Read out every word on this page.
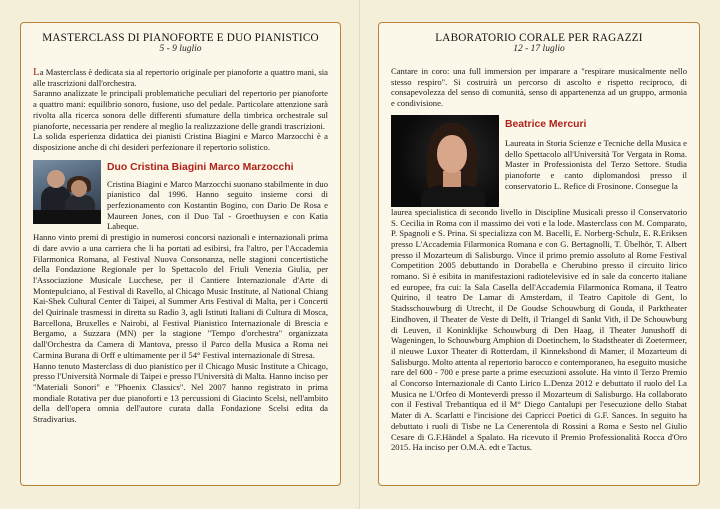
MASTERCLASS DI PIANOFORTE E DUO PIANISTICO
5 - 9 luglio

La Masterclass è dedicata sia al repertorio originale per pianoforte a quattro mani, sia alle trascrizioni dall'orchestra.

Saranno analizzate le principali problematiche peculiari del repertorio per pianoforte a quattro mani: equilibrio sonoro, fusione, uso del pedale. Particolare attenzione sarà rivolta alla ricerca sonora delle differenti sfumature della timbrica orchestrale sul pianoforte, necessaria per rendere al meglio la realizzazione delle grandi trascrizioni.

La solida esperienza didattica dei pianisti Cristina Biagini e Marco Marzocchi è a disposizione anche di chi desideri perfezionare il repertorio solistico.

Duo Cristina Biagini Marco Marzocchi
Cristina Biagini e Marco Marzocchi suonano stabilmente in duo pianistico dal 1996. Hanno seguito insieme corsi di perfezionamento con Kostantin Bogino, con Dario De Rosa e Maureen Jones, con il Duo Tal - Groethuysen e con Katia Labeque.

Hanno vinto premi di prestigio in numerosi concorsi nazionali e internazionali prima di dare avvio a una carriera che li ha portati ad esibirsi, fra l'altro, per l'Accademia Filarmonica Romana, al Festival Nuova Consonanza, nelle stagioni concertistiche della Fondazione Regionale per lo Spettacolo del Friuli Venezia Giulia, per l'Associazione Musicale Lucchese, per il Cantiere Internazionale d'Arte di Montepulciano, al Festival di Ravello, al Chicago Music Institute, al National Chiang Kai-Shek Cultural Center di Taipei, al Summer Arts Festival di Malta, per i Concerti del Quirinale trasmessi in diretta su Radio 3, agli Istituti Italiani di Cultura di Mosca, Barcellona, Bruxelles e Nairobi, al Festival Pianistico Internazionale di Brescia e Bergamo, a Suzzara (MN) per la stagione "Tempo d'orchestra" organizzata dall'Orchestra da Camera di Mantova, presso il Parco della Musica a Roma nei Carmina Burana di Orff e ultimamente per il 54° Festival internazionale di Stresa.

Hanno tenuto Masterclass di duo pianistico per il Chicago Music Institute a Chicago, presso l'Università Normale di Taipei e presso l'Università di Malta. Hanno inciso per "Materiali Sonori" e "Phoenix Classics". Nel 2007 hanno registrato in prima mondiale Rotativa per due pianoforti e 13 percussioni di Giacinto Scelsi, nell'ambito della dell'opera omnia dell'autore curata dalla Fondazione Scelsi edita da Stradivarius.

LABORATORIO CORALE PER RAGAZZI
12 - 17 luglio
Cantare in coro: una full immersion per imparare a "respirare musicalmente nello stesso respiro". Si costruirà un percorso di ascolto e rispetto reciproco, di consapevolezza del senso di comunità, senso di appartenenza ad un gruppo, armonia e condivisione.
Beatrice Mercuri
Laureata in Storia Scienze e Tecniche della Musica e dello Spettacolo all'Università Tor Vergata in Roma. Master in Professionista del Terzo Settore. Studia pianoforte e canto diplomandosi presso il conservatorio L. Refice di Frosinone. Consegue la
laurea specialistica di secondo livello in Discipline Musicali presso il Conservatorio S. Cecilia in Roma con il massimo dei voti e la lode. Masterclass con M. Comparato, P. Spagnoli e S. Prina. Si specializza con M. Bacelli, E. Norberg-Schulz, E. R.Eriksen presso L'Accademia Filarmonica Romana e con G. Bertagnolli, T. Übelhör, T. Albert presso il Mozarteum di Salisburgo. Vince il primo premio assoluto al Rome Festival Competition 2005 debuttando in Dorabella e Cherubino presso il circuito lirico romano. Si è esibita in manifestazioni radiotelevisive ed in sale da concerto italiane ed europee, fra cui: la Sala Casella dell'Accademia Filarmonica Romana, il Teatro Quirino, il teatro De Lamar di Amsterdam, il Teatro Capitole di Gent, lo Stadsschouwburg di Utrecht, il De Goudse Schouwburg di Gouda, il Parktheater Eindhoven, il Theater de Veste di Delft, il Triangel di Sankt Vith, il De Schouwburg di Leuven, il Koninklijke Schouwburg di Den Haag, il Theater Junushoff di Wageningen, lo Schouwburg Amphion di Doetinchem, lo Stadstheater di Zoetermeer, il nieuwe Luxor Theater di Rotterdam, il Kinneksbond di Mamer, il Mozarteum di Salisburgo. Molto attenta al repertorio barocco e contemporaneo, ha eseguito musiche rare del 600 - 700 e prese parte a prime esecuzioni assolute. Ha vinto il Terzo Premio al Concorso Internazionale di Canto Lirico L.Denza 2012 e debuttato il ruolo del La Musica ne L'Orfeo di Monteverdi presso il Mozarteum di Salisburgo. Ha collaborato con il Festival Trebantiqua ed il M° Diego Cantalupi per l'esecuzione dello Stabat Mater di A. Scarlatti e l'incisione dei Capricci Poetici di G.F. Sances. In seguito ha debuttato i ruoli di Tisbe ne La Cenerentola di Rossini a Roma e Sesto nel Giulio Cesare di G.F.Händel a Spalato. Ha ricevuto il Premio Professionalità Rocca d'Oro 2015. Ha inciso per O.M.A. edt e Tactus.
